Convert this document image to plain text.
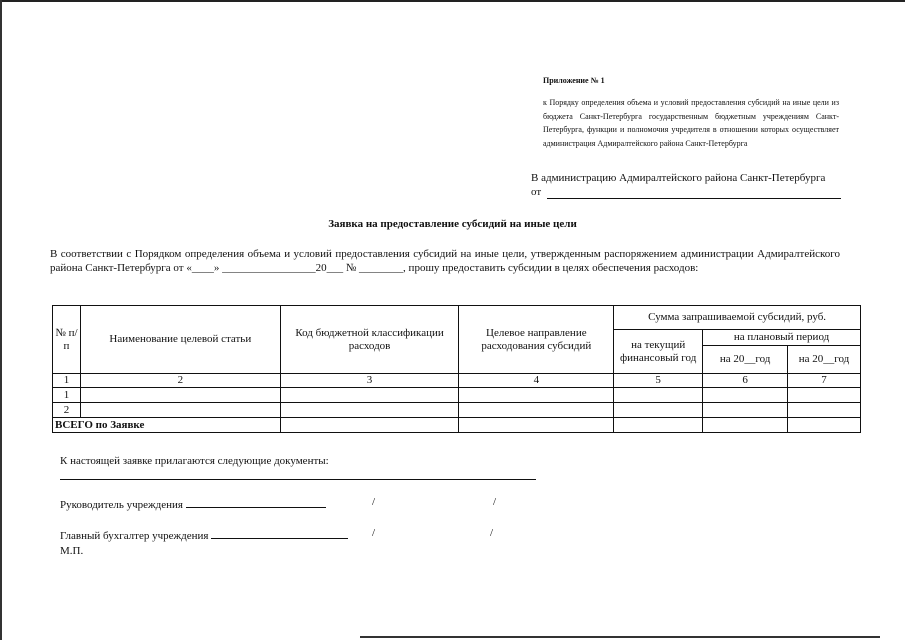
Приложение № 1
к Порядку определения объема и условий предоставления субсидий на иные цели из бюджета Санкт-Петербурга государственным бюджетным учреждениям Санкт-Петербурга, функции и полномочия учредителя в отношении которых осуществляет администрация Адмиралтейского района Санкт-Петербурга
В администрацию Адмиралтейского района Санкт-Петербурга
от
Заявка на предоставление субсидий на иные цели
В соответствии с Порядком определения объема и условий предоставления субсидий на иные цели, утвержденным распоряжением администрации Адмиралтейского района Санкт-Петербурга от «____» _________________20___ № ________, прошу предоставить субсидии в целях обеспечения расходов:
№ п/п	Наименование целевой статьи	Код бюджетной классификации расходов	Целевое направление расходования субсидий	Сумма запрашиваемой субсидий, руб.		
				на текущий финансовый год	на плановый период	
					на 20__год	на 20__год
1	2	3	4	5	6	7
1						
2						
ВСЕГО по Заявке						
К настоящей заявке прилагаются следующие документы:
Руководитель учреждения	/	/
Главный бухгалтер учреждения	/	/
М.П.
